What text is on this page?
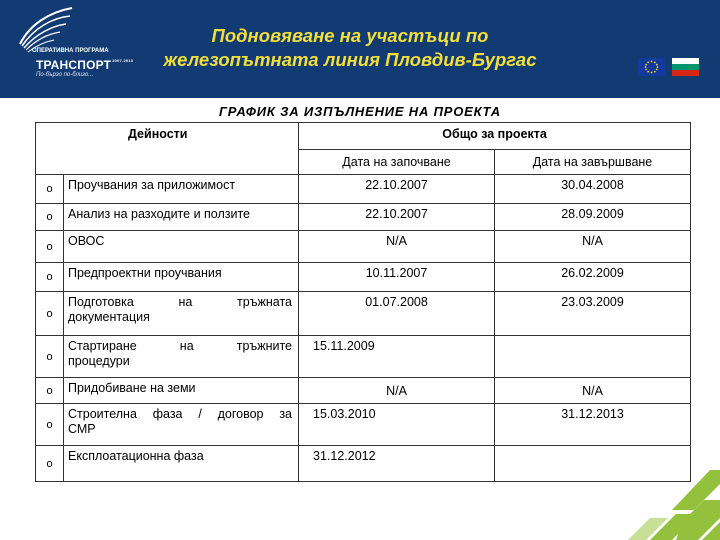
ОПЕРАТИВНА ПРОГРАМА
$ТРАНСПОРТ^{2007-2013}$
По-бързо по-близо...
Подновяване на участъци по
железопътната линия Пловдив-Бургас
ГРАФИК ЗА ИЗПЪЛНЕНИЕ НА ПРОЕКТА
Дейности		Общо за проекта	

		Дата на започване	Дата на завършване
o	Проучвания за приложимост	22.10.2007	30.04.2008
o	Анализ на разходите и ползите	22.10.2007	28.09.2009
o	ОВОС	N/A	N/A
o	Предпроектни проучвания	10.11.2007	26.02.2009
o	Подготовка на тръжната
документация	01.07.2008	23.03.2009
o	Стартиране на тръжните
процедури	15.11.2009	
o	Придобиване на земи	N/A	N/A
o	Строителна фаза / договор за
СМР	15.03.2010	31.12.2013
o	Експлоатационна фаза	31.12.2012	
